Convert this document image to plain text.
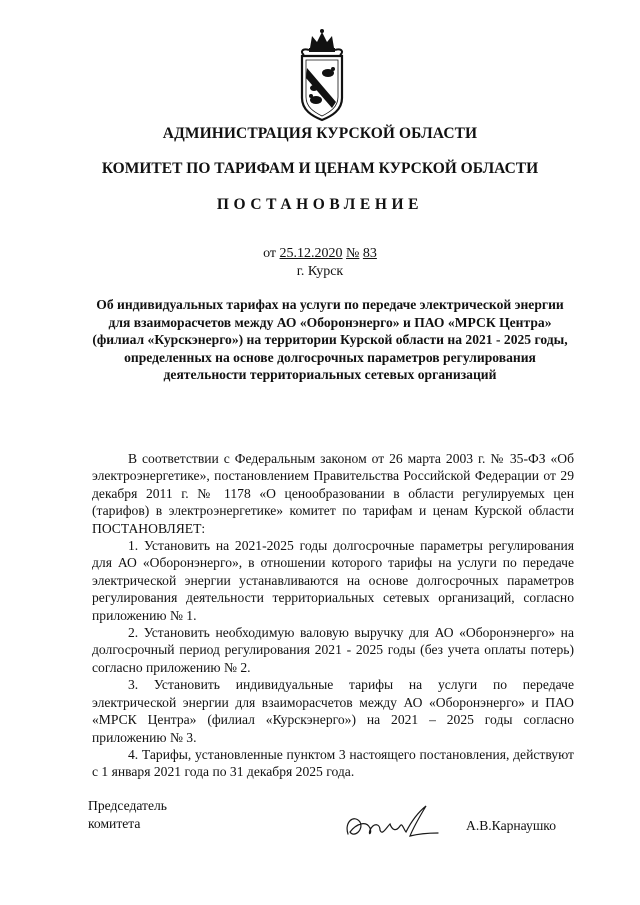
АДМИНИСТРАЦИЯ КУРСКОЙ ОБЛАСТИ
КОМИТЕТ ПО ТАРИФАМ И ЦЕНАМ КУРСКОЙ ОБЛАСТИ
ПОСТАНОВЛЕНИЕ
от 25.12.2020 № 83
г. Курск
Об индивидуальных тарифах на услуги по передаче электрической энергии для взаиморасчетов между АО «Оборонэнерго» и ПАО «МРСК Центра» (филиал «Курскэнерго») на территории Курской области на 2021 - 2025 годы, определенных на основе долгосрочных параметров регулирования деятельности территориальных сетевых организаций

В соответствии с Федеральным законом от 26 марта 2003 г. № 35-ФЗ «Об электроэнергетике», постановлением Правительства Российской Федерации от 29 декабря 2011 г. № 1178 «О ценообразовании в области регулируемых цен (тарифов) в электроэнергетике» комитет по тарифам и ценам Курской области ПОСТАНОВЛЯЕТ:

1. Установить на 2021-2025 годы долгосрочные параметры регулирования для АО «Оборонэнерго», в отношении которого тарифы на услуги по передаче электрической энергии устанавливаются на основе долгосрочных параметров регулирования деятельности территориальных сетевых организаций, согласно приложению № 1.

2. Установить необходимую валовую выручку для АО «Оборонэнерго» на долгосрочный период регулирования 2021 - 2025 годы (без учета оплаты потерь) согласно приложению № 2.

3. Установить индивидуальные тарифы на услуги по передаче электрической энергии для взаиморасчетов между АО «Оборонэнерго» и ПАО «МРСК Центра» (филиал «Курскэнерго») на 2021 – 2025 годы согласно приложению № 3.

4. Тарифы, установленные пунктом 3 настоящего постановления, действуют с 1 января 2021 года по 31 декабря 2025 года.

Председатель
комитета	А.В.Карнаушко
